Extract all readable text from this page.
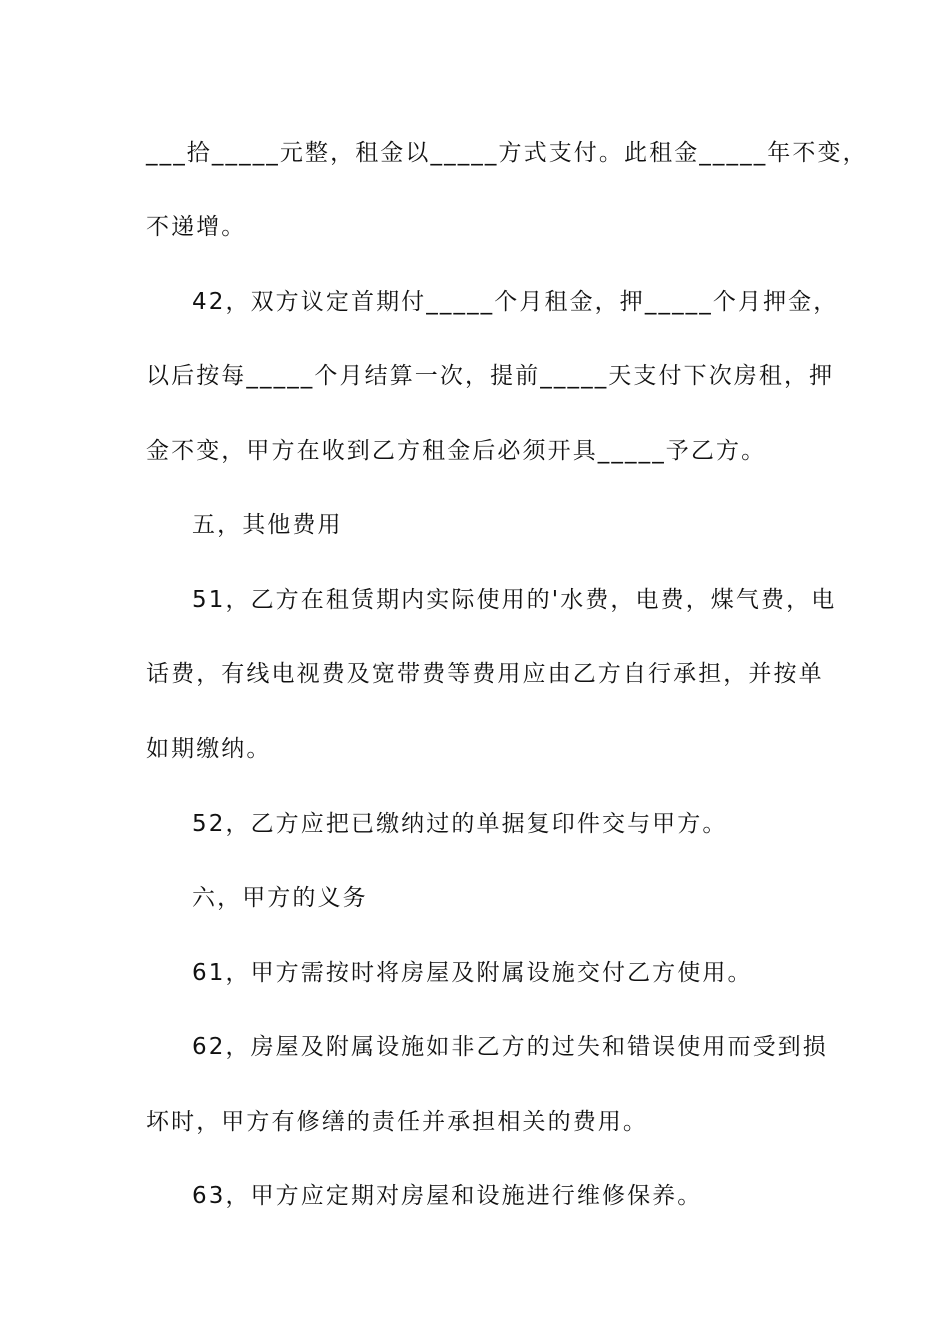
___拾_____元整，租金以_____方式支付。此租金_____年不变，
不递增。
42，双方议定首期付_____个月租金，押_____个月押金，
以后按每_____个月结算一次，提前_____天支付下次房租，押
金不变，甲方在收到乙方租金后必须开具_____予乙方。
五，其他费用
51，乙方在租赁期内实际使用的'水费，电费，煤气费，电
话费，有线电视费及宽带费等费用应由乙方自行承担，并按单
如期缴纳。
52，乙方应把已缴纳过的单据复印件交与甲方。
六，甲方的义务
61，甲方需按时将房屋及附属设施交付乙方使用。
62，房屋及附属设施如非乙方的过失和错误使用而受到损
坏时，甲方有修缮的责任并承担相关的费用。
63，甲方应定期对房屋和设施进行维修保养。
